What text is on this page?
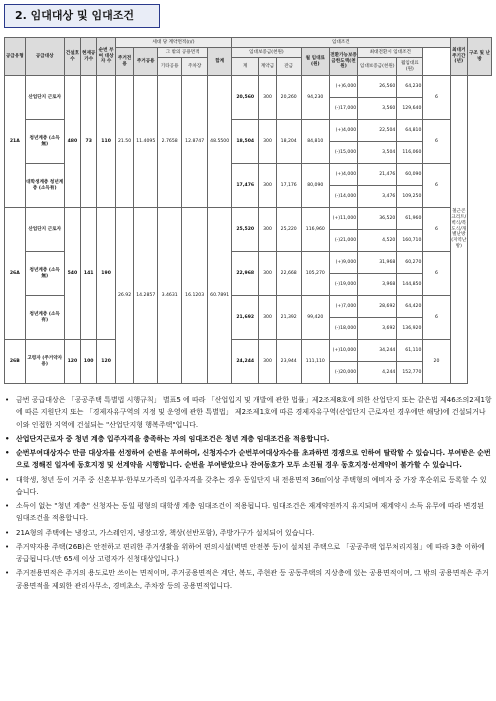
2. 임대대상 및 임대조건
공급유형	공급대상	건설호수	현재공가수	순번 부여 대상자 수	세대 당 계약면적(㎡)					임대조건								최대거주기간(년)	구조 및 난방
					주거전용	주거공용	그 밖의 공용면적		합계	임대보증금(천원)			월 임대료(원)	전환가능보증금한도액(천원)	최대전환시 임대조건				
							기타공용	주차장		계	계약금	잔금			임대보증금(천원)	월임대료(원)			
21A	산업단지 근로자	480	73	110	21.50	11.4095	2.7658	12.8747	48.5500	20,560	300	20,260	94,230	(+)6,000	26,560	64,230	6	철근콘크리트/벽식/복도식/개별난방(지역난방)	
														(-)17,000	3,560	129,640			
	청년계층 (소득 無)									18,504	300	18,204	84,810	(+)4,000	22,504	64,810	6		
														(-)15,000	3,504	116,060			
	대학생계층 청년계층 (소득有)									17,476	300	17,176	80,090	(+)4,000	21,476	60,090	6		
														(-)14,000	3,476	109,250			
26A	산업단지 근로자	540	141	190	26.92	14.2857	3.4631	16.1203	60.7891	25,520	300	25,220	116,960	(+)11,000	36,520	61,960	6		
														(-)21,000	4,520	160,710			
	청년계층 (소득 無)									22,968	300	22,668	105,270	(+)9,000	31,968	60,270	6		
														(-)19,000	3,968	144,850			
	청년계층 (소득 有)									21,692	300	21,392	99,420	(+)7,000	28,692	64,420	6		
														(-)18,000	3,692	136,920			
26B	고령자 (주거약자용)	120	100	120						24,244	300	23,944	111,110	(+)10,000	34,244	61,110	20		
														(-)20,000	4,244	152,770			
• 금번 공급대상은 「공공주택 특별법 시행규칙」 별표5 에 따라 「산업입지 및 개발에 관한 법률」제2조제8호에 의한 산업단지 또는 같은법 제46조의2제1항에 따른 지원단지 또는 「경제자유구역의 지정 및 운영에 관한 특별법」 제2조제1호에 따른 경제자유구역(산업단지 근로자인 경우에만 해당)에 건설되거나 이와 인접한 지역에 건설되는 "산업단지형 행복주택"입니다.
• 산업단지근로자 중 청년 계층 입주자격을 충족하는 자의 임대조건은 청년 계층 임대조건을 적용합니다.
• 순번부여대상자수 만큼 대상자를 선정하여 순번을 부여하며, 신청자수가 순번부여대상자수를 초과하면 경쟁으로 인하여 탈락할 수 있습니다. 부여받은 순번으로 정해진 일자에 동호지정 및 선계약을 시행합니다. 순번을 부여받았으나 잔여동호가 모두 소진될 경우 동호지정·선계약이 불가할 수 있습니다.
• 대학생, 청년 등이 거주 중 신혼부부·한부모가족의 입주자격을 갖추는 경우 동일단지 내 전용면적 36㎡이상 주택형의 예비자 중 가장 후순위로 등록할 수 있습니다.
• 소득이 없는 "청년 계층" 신청자는 동일 평형의 대학생 계층 임대조건이 적용됩니다. 임대조건은 재계약전까지 유지되며 재계약시 소득 유무에 따라 변경된 임대조건을 적용합니다.
• 21A형의 주택에는 냉장고, 가스레인지, 냉장고장, 책상(선반포함), 주방가구가 설치되어 있습니다.
• 주거약자용 주택(26B)은 안전하고 편리한 주거생활을 위하여 편의시설(벽면 안전봉 등)이 설치된 주택으로 「공공주택 업무처리지침」에 따라 3층 이하에 공급됩니다.(만 65세 이상 고령자가 신청대상입니다.)
• 주거전용면적은 주거의 용도로만 쓰이는 면적이며, 주거공용면적은 계단, 복도, 주현관 등 공동주택의 지상층에 있는 공용면적이며, 그 밖의 공용면적은 주거공용면적을 제외한 관리사무소, 경비초소, 주차장 등의 공용면적입니다.
